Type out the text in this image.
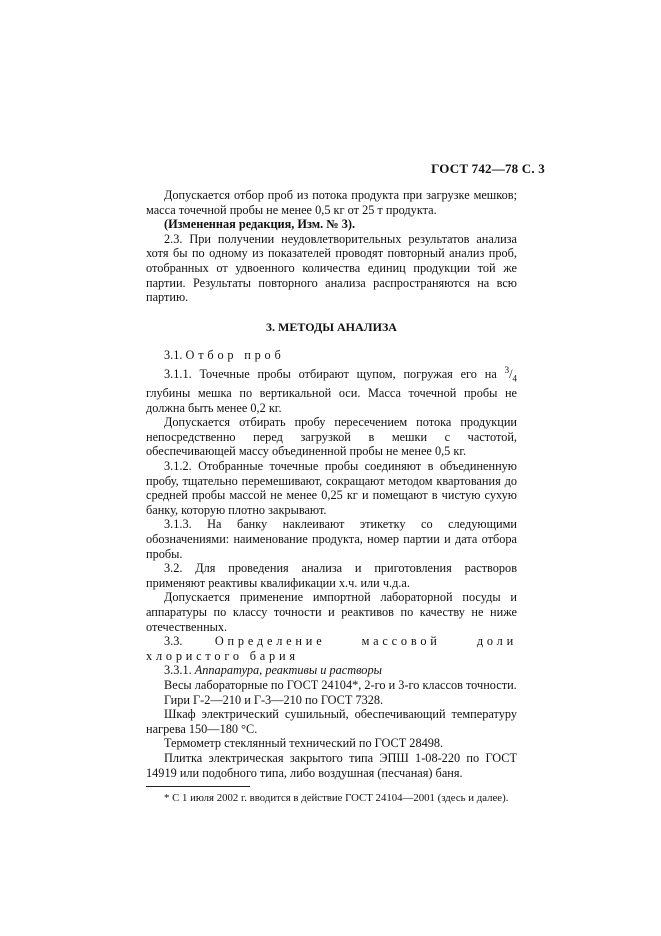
ГОСТ 742—78 С. 3

Допускается отбор проб из потока продукта при загрузке мешков; масса точечной пробы не менее 0,5 кг от 25 т продукта.

(Измененная редакция, Изм. № 3).

2.3. При получении неудовлетворительных результатов анализа хотя бы по одному из показателей проводят повторный анализ проб, отобранных от удвоенного количества единиц продукции той же партии. Результаты повторного анализа распространяются на всю партию.

3. МЕТОДЫ АНАЛИЗА

3.1. Отбор проб

3.1.1. Точечные пробы отбирают щупом, погружая его на $^3/_4$ глубины мешка по вертикальной оси. Масса точечной пробы не должна быть менее 0,2 кг.

Допускается отбирать пробу пересечением потока продукции непосредственно перед загрузкой в мешки с частотой, обеспечивающей массу объединенной пробы не менее 0,5 кг.

3.1.2. Отобранные точечные пробы соединяют в объединенную пробу, тщательно перемешивают, сокращают методом квартования до средней пробы массой не менее 0,25 кг и помещают в чистую сухую банку, которую плотно закрывают.

3.1.3. На банку наклеивают этикетку со следующими обозначениями: наименование продукта, номер партии и дата отбора пробы.

3.2. Для проведения анализа и приготовления растворов применяют реактивы квалификации х.ч. или ч.д.а.

Допускается применение импортной лабораторной посуды и аппаратуры по классу точности и реактивов по качеству не ниже отечественных.

3.3.	Определение массовой доли хлористого бария

3.3.1. Аппаратура, реактивы и растворы

Весы лабораторные по ГОСТ 24104*, 2-го и 3-го классов точности.

Гири Г-2—210 и Г-3—210 по ГОСТ 7328.

Шкаф электрический сушильный, обеспечивающий температуру нагрева 150—180 °С.

Термометр стеклянный технический по ГОСТ 28498.

Плитка электрическая закрытого типа ЭПШ 1-08-220 по ГОСТ 14919 или подобного типа, либо воздушная (песчаная) баня.

* С 1 июля 2002 г. вводится в действие ГОСТ 24104—2001 (здесь и далее).
